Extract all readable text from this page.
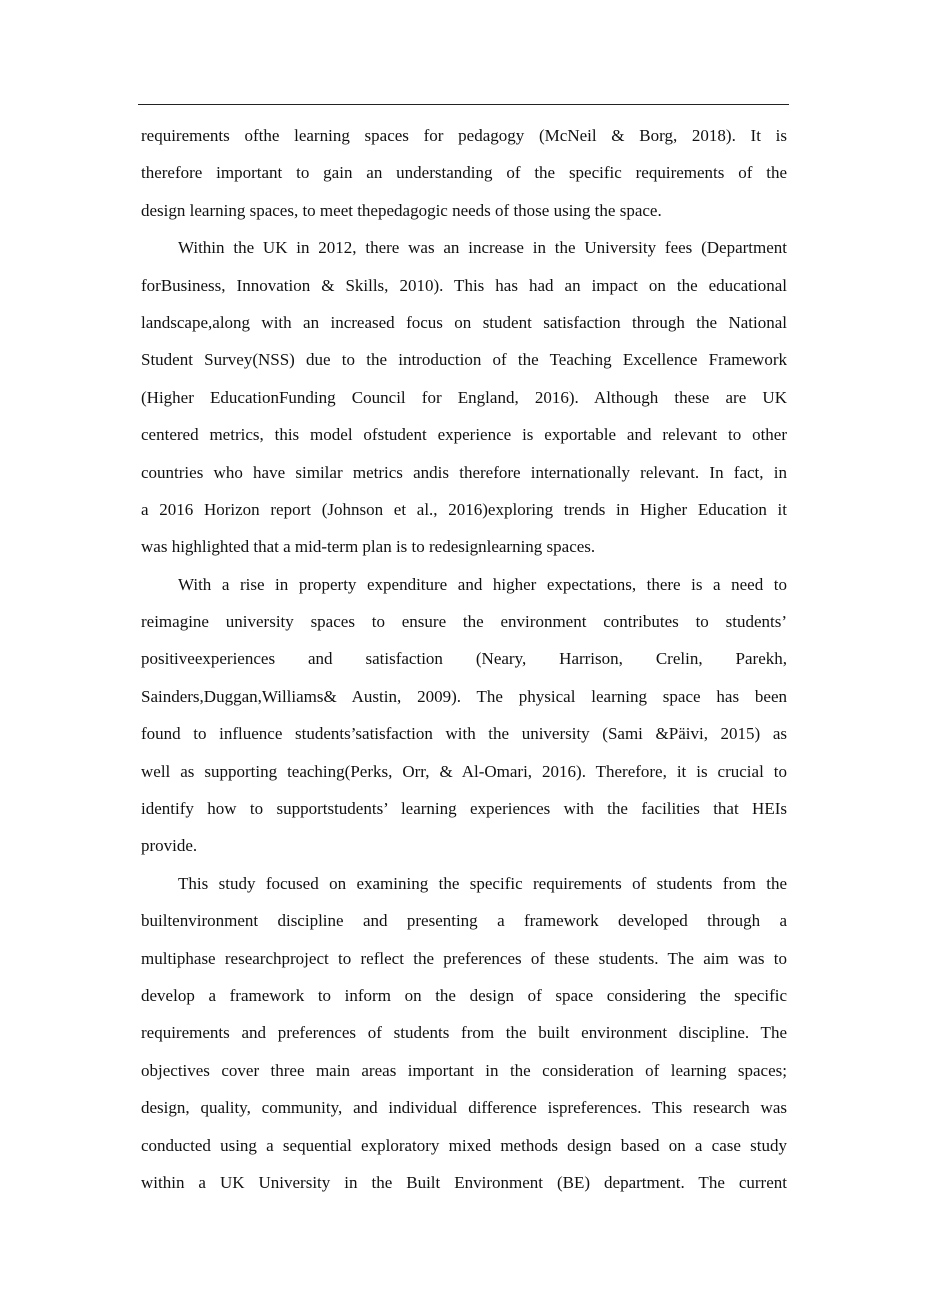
requirements ofthe learning spaces for pedagogy (McNeil & Borg, 2018). It is
therefore important to gain an understanding of the specific requirements of the
design learning spaces, to meet thepedagogic needs of those using the space.
Within the UK in 2012, there was an increase in the University fees (Department
forBusiness, Innovation & Skills, 2010). This has had an impact on the educational
landscape,along with an increased focus on student satisfaction through the National
Student Survey(NSS) due to the introduction of the Teaching Excellence Framework
(Higher EducationFunding Council for England, 2016). Although these are UK
centered metrics, this model ofstudent experience is exportable and relevant to other
countries who have similar metrics andis therefore internationally relevant. In fact, in
a 2016 Horizon report (Johnson et al., 2016)exploring trends in Higher Education it
was highlighted that a mid-term plan is to redesignlearning spaces.
With a rise in property expenditure and higher expectations, there is a need to
reimagine university spaces to ensure the environment contributes to students’
positiveexperiences and satisfaction (Neary, Harrison, Crelin, Parekh,
Sainders,Duggan,Williams& Austin, 2009). The physical learning space has been
found to influence students’satisfaction with the university (Sami &Päivi, 2015) as
well as supporting teaching(Perks, Orr, & Al-Omari, 2016). Therefore, it is crucial to
identify how to supportstudents’ learning experiences with the facilities that HEIs
provide.
This study focused on examining the specific requirements of students from the
builtenvironment discipline and presenting a framework developed through a
multiphase researchproject to reflect the preferences of these students. The aim was to
develop a framework to inform on the design of space considering the specific
requirements and preferences of students from the built environment discipline. The
objectives cover three main areas important in the consideration of learning spaces;
design, quality, community, and individual difference ispreferences. This research was
conducted using a sequential exploratory mixed methods design based on a case study
within a UK University in the Built Environment (BE) department. The current
